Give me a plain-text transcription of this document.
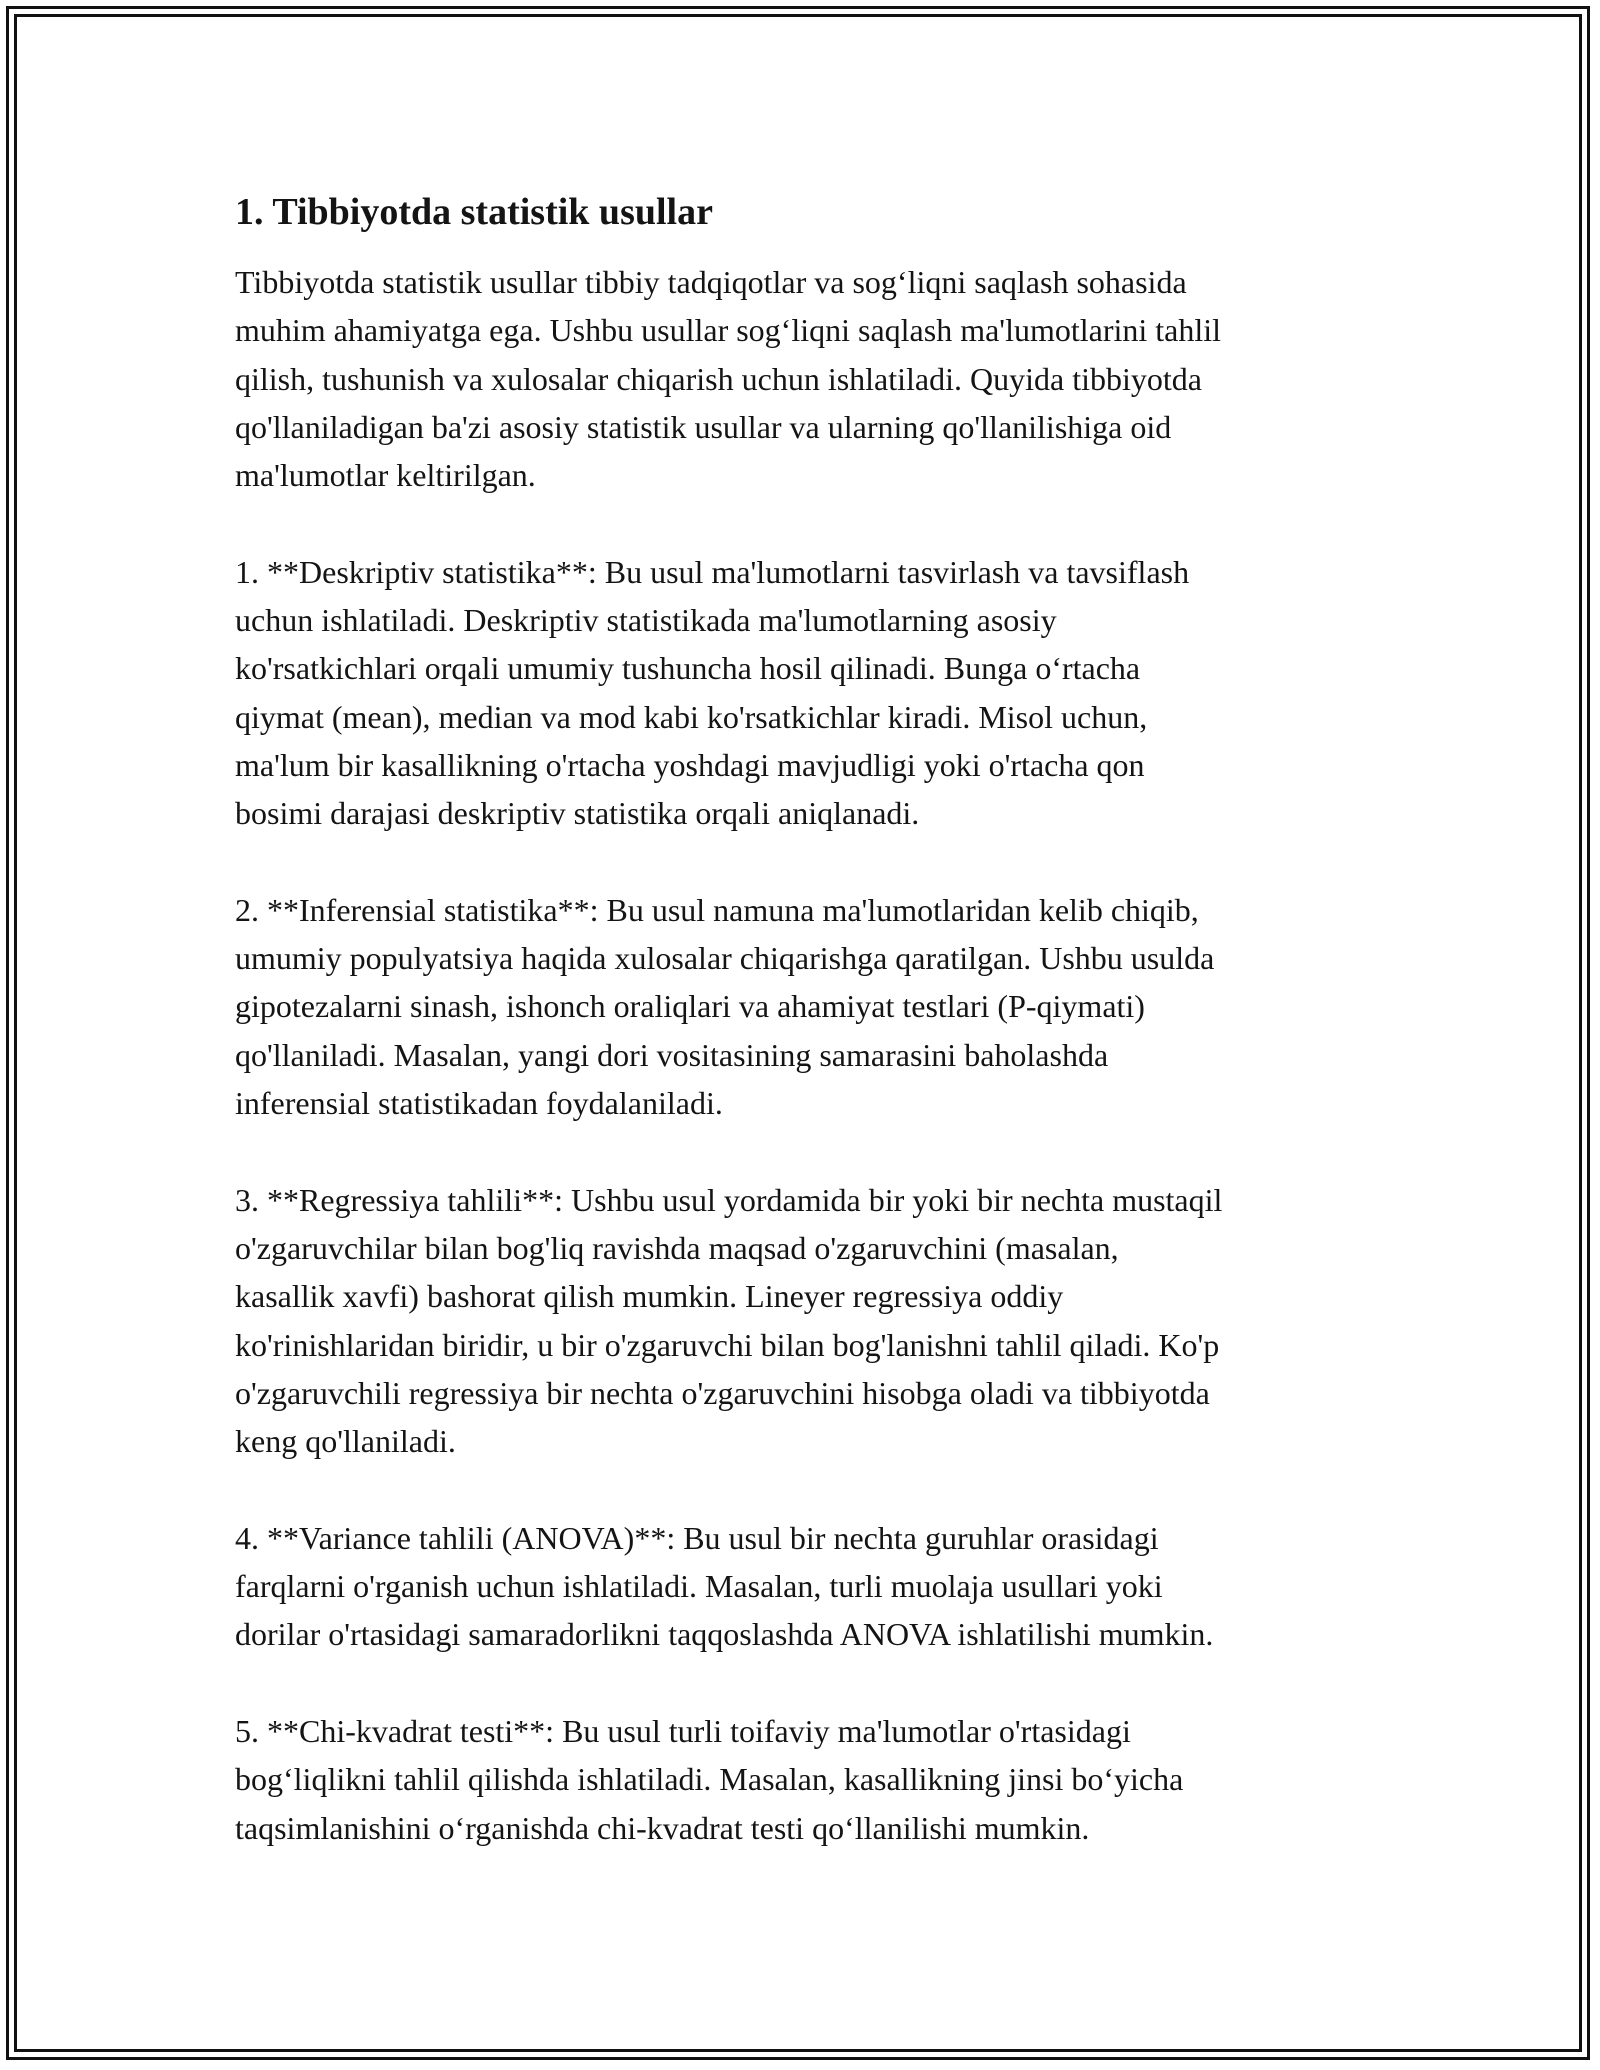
1. Tibbiyotda statistik usullar

Tibbiyotda statistik usullar tibbiy tadqiqotlar va sog‘liqni saqlash sohasida
muhim ahamiyatga ega. Ushbu usullar sog‘liqni saqlash ma'lumotlarini tahlil
qilish, tushunish va xulosalar chiqarish uchun ishlatiladi. Quyida tibbiyotda
qo'llaniladigan ba'zi asosiy statistik usullar va ularning qo'llanilishiga oid
ma'lumotlar keltirilgan.

1. **Deskriptiv statistika**: Bu usul ma'lumotlarni tasvirlash va tavsiflash
uchun ishlatiladi. Deskriptiv statistikada ma'lumotlarning asosiy
ko'rsatkichlari orqali umumiy tushuncha hosil qilinadi. Bunga o‘rtacha
qiymat (mean), median va mod kabi ko'rsatkichlar kiradi. Misol uchun,
ma'lum bir kasallikning o'rtacha yoshdagi mavjudligi yoki o'rtacha qon
bosimi darajasi deskriptiv statistika orqali aniqlanadi.

2. **Inferensial statistika**: Bu usul namuna ma'lumotlaridan kelib chiqib,
umumiy populyatsiya haqida xulosalar chiqarishga qaratilgan. Ushbu usulda
gipotezalarni sinash, ishonch oraliqlari va ahamiyat testlari (P-qiymati)
qo'llaniladi. Masalan, yangi dori vositasining samarasini baholashda
inferensial statistikadan foydalaniladi.

3. **Regressiya tahlili**: Ushbu usul yordamida bir yoki bir nechta mustaqil
o'zgaruvchilar bilan bog'liq ravishda maqsad o'zgaruvchini (masalan,
kasallik xavfi) bashorat qilish mumkin. Lineyer regressiya oddiy
ko'rinishlaridan biridir, u bir o'zgaruvchi bilan bog'lanishni tahlil qiladi. Ko'p
o'zgaruvchili regressiya bir nechta o'zgaruvchini hisobga oladi va tibbiyotda
keng qo'llaniladi.

4. **Variance tahlili (ANOVA)**: Bu usul bir nechta guruhlar orasidagi
farqlarni o'rganish uchun ishlatiladi. Masalan, turli muolaja usullari yoki
dorilar o'rtasidagi samaradorlikni taqqoslashda ANOVA ishlatilishi mumkin.

5. **Chi-kvadrat testi**: Bu usul turli toifaviy ma'lumotlar o'rtasidagi
bog‘liqlikni tahlil qilishda ishlatiladi. Masalan, kasallikning jinsi bo‘yicha
taqsimlanishini o‘rganishda chi-kvadrat testi qo‘llanilishi mumkin.
